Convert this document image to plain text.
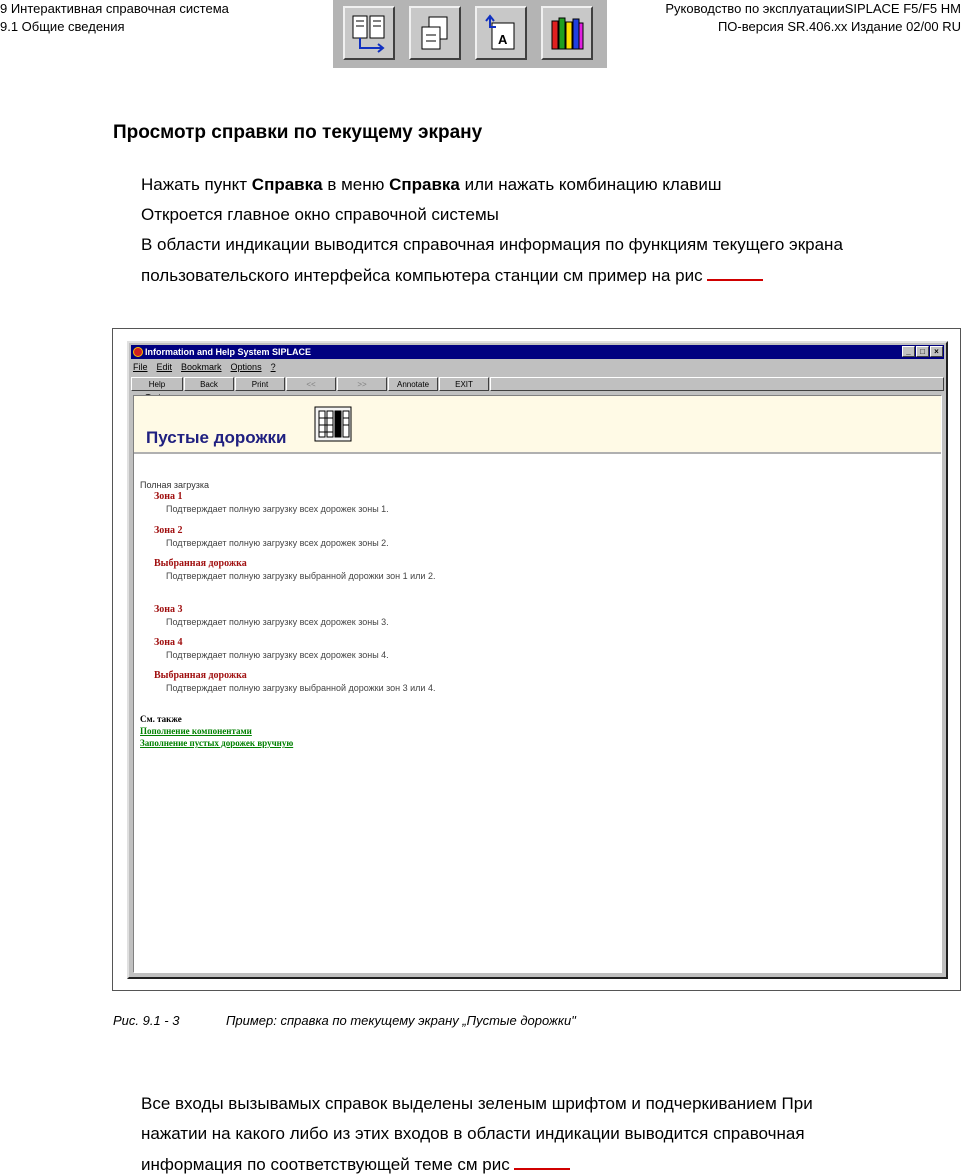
9 Интерактивная справочная система
9.1 Общие сведения
Руководство по эксплуатацииSIPLACE F5/F5 HM
ПО-версия SR.406.xx Издание 02/00 RU
A
Просмотр справки по текущему экрану
Нажать пункт Справка в меню Справка или нажать комбинацию клавиш
Откроется главное окно справочной системы
В области индикации выводится справочная информация по функциям текущего экрана
пользовательского интерфейса компьютера станции см пример на рис
Information and Help System SIPLACE	_	□	×
File Edit Bookmark Options ?
Help	Back	Print	<<	>>	Annotate	EXIT
Пустые дорожки
Полная загрузка
Зона 1
Подтверждает полную загрузку всех дорожек зоны 1.
Зона 2
Подтверждает полную загрузку всех дорожек зоны 2.
Выбранная дорожка
Подтверждает полную загрузку выбранной дорожки зон 1 или 2.
Зона 3
Подтверждает полную загрузку всех дорожек зоны 3.
Зона 4
Подтверждает полную загрузку всех дорожек зоны 4.
Выбранная дорожка
Подтверждает полную загрузку выбранной дорожки зон 3 или 4.
См. также
Пополнение компонентами
Заполнение пустых дорожек вручную
Рис. 9.1 - 3	Пример: справка по текущему экрану „Пустые дорожки"
Все входы вызывамых справок выделены зеленым шрифтом и подчеркиванием При
нажатии на какого либо из этих входов в области индикации выводится справочная
информация по соответствующей теме см рис
